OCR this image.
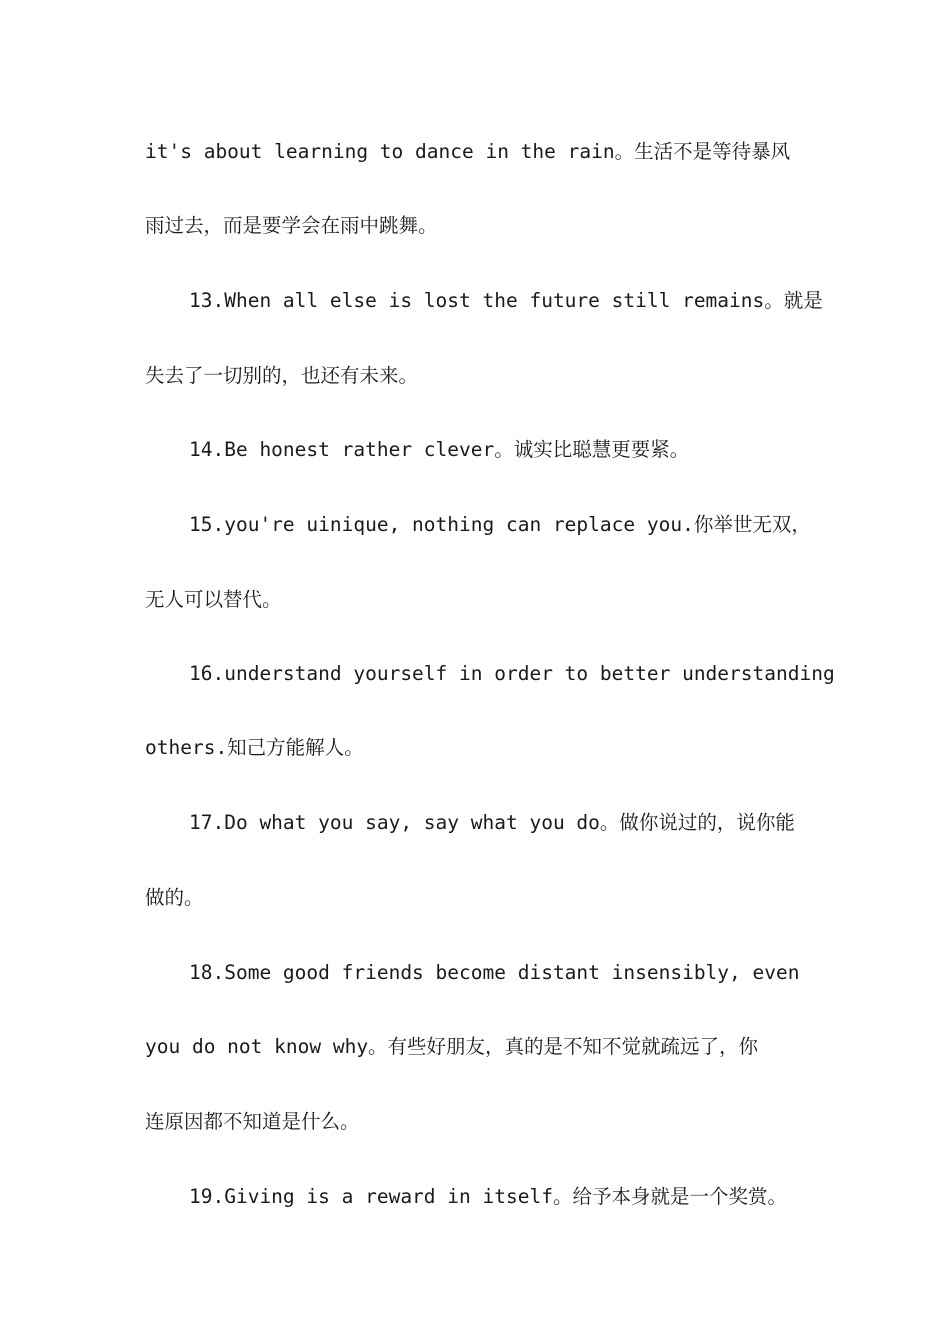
it's about learning to dance in the rain。生活不是等待暴风
雨过去，而是要学会在雨中跳舞。
13.When all else is lost the future still remains。就是
失去了一切别的，也还有未来。
14.Be honest rather clever。诚实比聪慧更要紧。
15.you're uinique, nothing can replace you.你举世无双，
无人可以替代。
16.understand yourself in order to better understanding
others.知己方能解人。
17.Do what you say, say what you do。做你说过的，说你能
做的。
18.Some good friends become distant insensibly, even
you do not know why。有些好朋友，真的是不知不觉就疏远了，你
连原因都不知道是什么。
19.Giving is a reward in itself。给予本身就是一个奖赏。
